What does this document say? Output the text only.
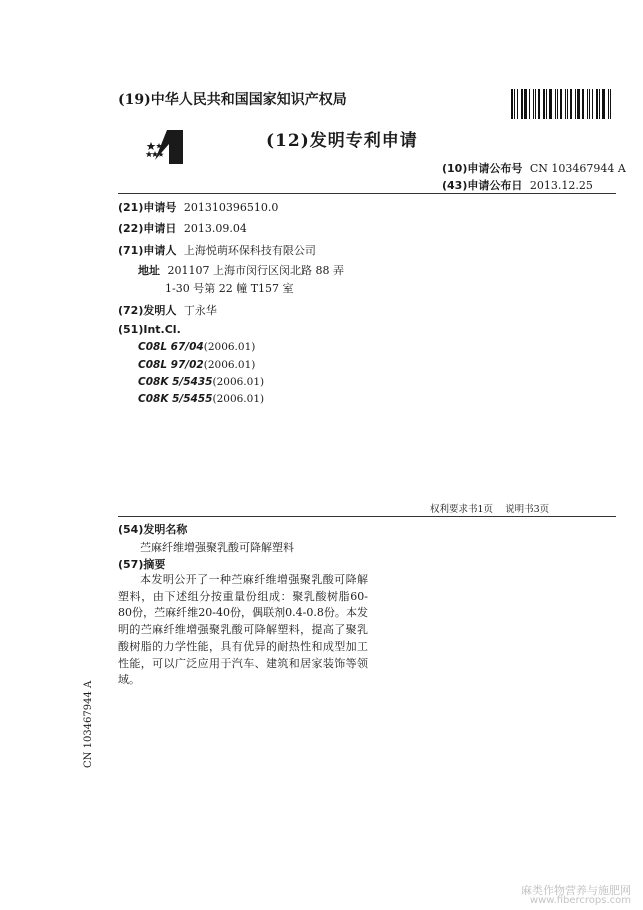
(19)中华人民共和国国家知识产权局
(12)发明专利申请
(10)申请公布号 CN 103467944 A
(43)申请公布日 2013.12.25
(21)申请号 201310396510.0
(22)申请日 2013.09.04
(71)申请人 上海悦萌环保科技有限公司
地址 201107 上海市闵行区闵北路 88 弄
1-30 号第 22 幢 T157 室
(72)发明人 丁永华
(51)Int.Cl.
C08L 67/04(2006.01)
C08L 97/02(2006.01)
C08K 5/5435(2006.01)
C08K 5/5455(2006.01)
权利要求书1页    说明书3页
(54)发明名称
苎麻纤维增强聚乳酸可降解塑料
(57)摘要
本发明公开了一种苎麻纤维增强聚乳酸可降解塑料，由下述组分按重量份组成：聚乳酸树脂60-80份，苎麻纤维20-40份，偶联剂0.4-0.8份。本发明的苎麻纤维增强聚乳酸可降解塑料，提高了聚乳酸树脂的力学性能，具有优异的耐热性和成型加工性能，可以广泛应用于汽车、建筑和居家装饰等领域。
CN 103467944 A
麻类作物营养与施肥网
www.fibercrops.com
